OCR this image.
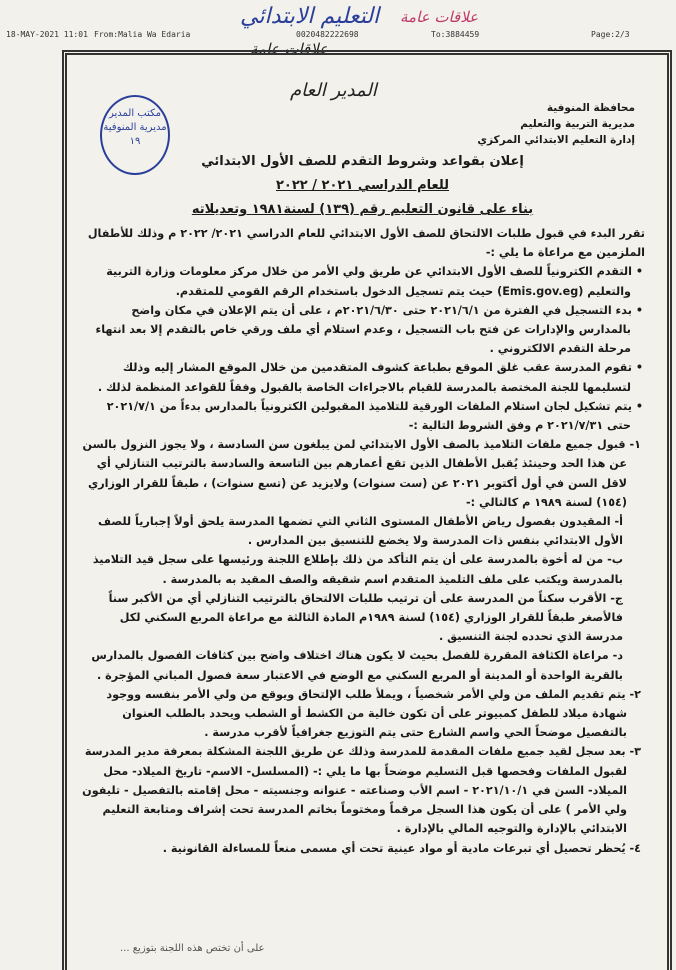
18-MAY-2021 11:01 From:Malia Wa Edaria	0020482222698	To:3884459	Page:2/3
التعليم الابتدائي علاقات عامة
علاقات عامة
المدير العام
مكتب المدير مديرية المنوفية
١٩

محافظة المنوفية

مديرية التربية والتعليم

إدارة التعليم الابتدائي المركزي

إعلان بقواعد وشروط التقدم للصف الأول الابتدائي

للعام الدراسي ٢٠٢١ / ٢٠٢٢

بناء على قانون التعليم رقم (١٣٩) لسنة١٩٨١ وتعديلاته

تقرر البدء في قبول طلبات الالتحاق للصف الأول الابتدائي للعام الدراسي ٢٠٢١/ ٢٠٢٢ م وذلك للأطفال الملزمين مع مراعاة ما يلي :-

• التقدم الكترونياً للصف الأول الابتدائي عن طريق ولي الأمر من خلال مركز معلومات وزارة التربية والتعليم (Emis.gov.eg) حيث يتم تسجيل الدخول باستخدام الرقم القومي للمتقدم.

• بدء التسجيل في الفترة من ٢٠٢١/٦/١ حتى ٢٠٢١/٦/٣٠م ، على أن يتم الإعلان في مكان واضح بالمدارس والإدارات عن فتح باب التسجيل ، وعدم استلام أي ملف ورقي خاص بالتقدم إلا بعد انتهاء مرحلة التقدم الالكتروني .

• تقوم المدرسة عقب غلق الموقع بطباعة كشوف المتقدمين من خلال الموقع المشار إليه وذلك لتسليمها للجنة المختصة بالمدرسة للقيام بالاجراءات الخاصة بالقبول وفقاً للقواعد المنظمة لذلك .

• يتم تشكيل لجان استلام الملفات الورقية للتلاميذ المقبولين الكترونياً بالمدارس بدءاً من ٢٠٢١/٧/١ حتى ٢٠٢١/٧/٣١ م وفق الشروط التالية :-

١- قبول جميع ملفات التلاميذ بالصف الأول الابتدائي لمن يبلغون سن السادسة ، ولا يجوز النزول بالسن عن هذا الحد وحينئذ يُقبل الأطفال الذين تقع أعمارهم بين التاسعة والسادسة بالترتيب التنازلي أي لاقل السن في أول أكتوبر ٢٠٢١ عن (ست سنوات) ولايزيد عن (تسع سنوات) ، طبقاً للقرار الوزاري (١٥٤) لسنة ١٩٨٩ م كالتالي :-

أ- المقيدون بفصول رياض الأطفال المستوى الثاني التي تضمها المدرسة يلحق أولاً إجبارياً للصف الأول الابتدائي بنفس ذات المدرسة ولا يخضع للتنسيق بين المدارس .

ب- من له أخوة بالمدرسة على أن يتم التأكد من ذلك بإطلاع اللجنة ورئيسها على سجل قيد التلاميذ بالمدرسة ويكتب على ملف التلميذ المتقدم اسم شقيقه والصف المقيد به بالمدرسة .

ج- الأقرب سكناً من المدرسة على أن ترتيب طلبات الالتحاق بالترتيب التنازلي أي من الأكبر سناً فالأصغر طبقاً للقرار الوزاري (١٥٤) لسنة ١٩٨٩م المادة الثالثة مع مراعاة المربع السكني لكل مدرسة الذي تحدده لجنة التنسيق .

د- مراعاة الكثافة المقررة للفصل بحيث لا يكون هناك اختلاف واضح بين كثافات الفصول بالمدارس بالقرية الواحدة أو المدينة أو المربع السكني مع الوضع في الاعتبار سعة فصول المباني المؤجرة .

٢- يتم تقديم الملف من ولي الأمر شخصياً ، ويملأ طلب الإلتحاق ويوقع من ولي الأمر بنفسه ووجود شهادة ميلاد للطفل كمبيوتر على أن تكون خالية من الكشط أو الشطب ويحدد بالطلب العنوان بالتفصيل موضحاً الحي واسم الشارع حتى يتم التوزيع جغرافياً لأقرب مدرسة .

٣- بعد سجل لقيد جميع ملفات المقدمة للمدرسة وذلك عن طريق اللجنة المشكلة بمعرفة مدير المدرسة لقبول الملفات وفحصها قبل التسليم موضحاً بها ما يلي :- (المسلسل- الاسم- تاريخ الميلاد- محل الميلاد- السن في ٢٠٢١/١٠/١ - اسم الأب وصناعته - عنوانه وجنسيته - محل إقامته بالتفصيل - تليفون ولي الأمر ) على أن يكون هذا السجل مرقماً ومختوماً بخاتم المدرسة تحت إشراف ومتابعة التعليم الابتدائي بالإدارة والتوجيه المالي بالإدارة .

٤- يُحظر تحصيل أي تبرعات مادية أو مواد عينية تحت أي مسمى منعاً للمساءلة القانونية .

على أن تختص هذه اللجنة بتوزيع ...
